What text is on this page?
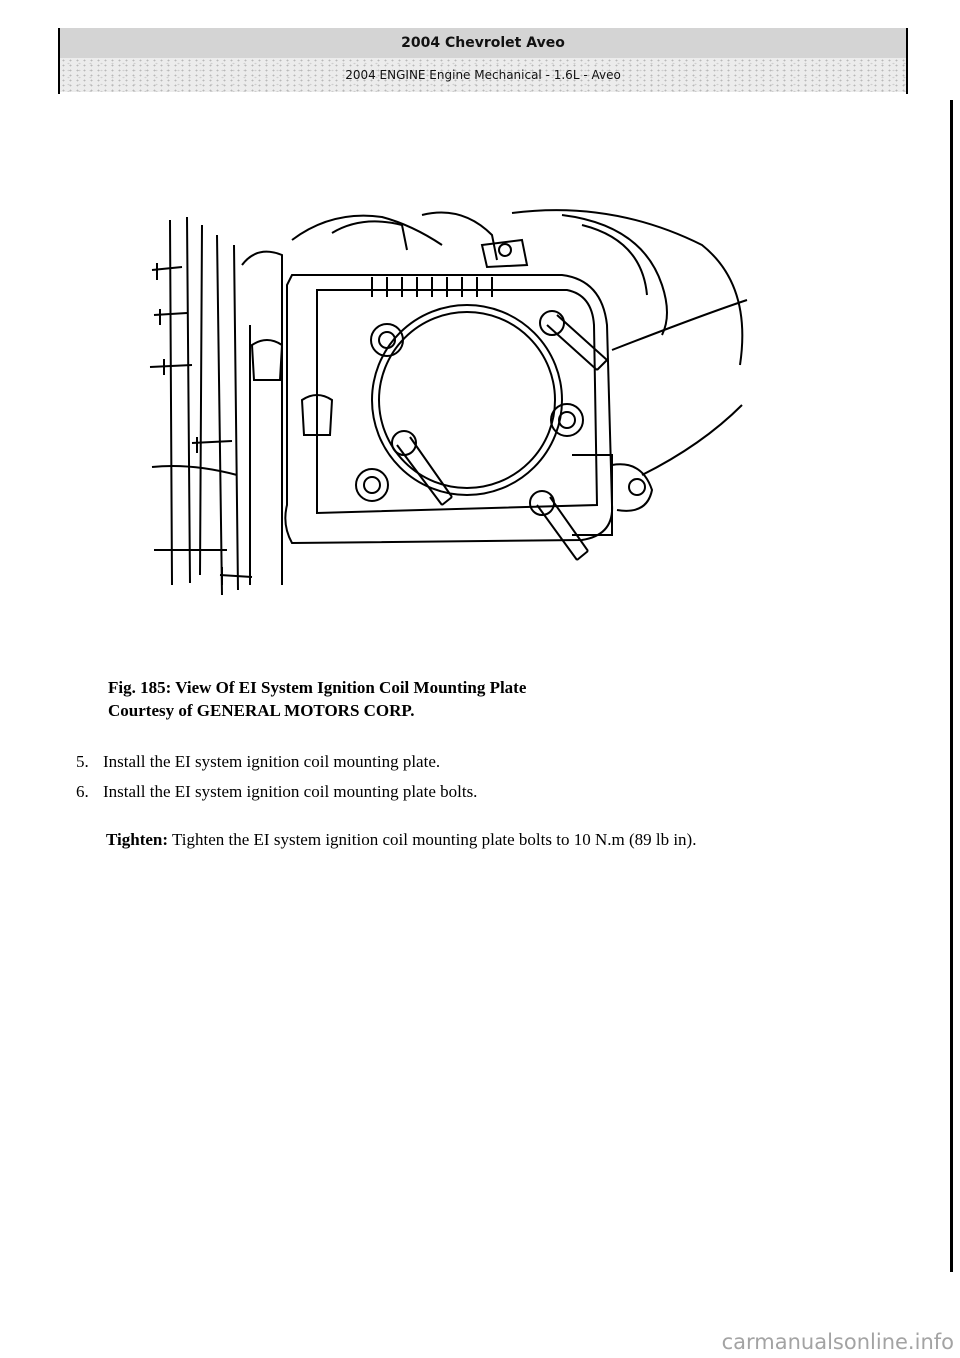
2004 Chevrolet Aveo
2004 ENGINE Engine Mechanical - 1.6L - Aveo
Fig. 185: View Of EI System Ignition Coil Mounting Plate
Courtesy of GENERAL MOTORS CORP.
5. Install the EI system ignition coil mounting plate.
6. Install the EI system ignition coil mounting plate bolts.
Tighten: Tighten the EI system ignition coil mounting plate bolts to 10 N.m (89 lb in).
carmanualsonline.info
